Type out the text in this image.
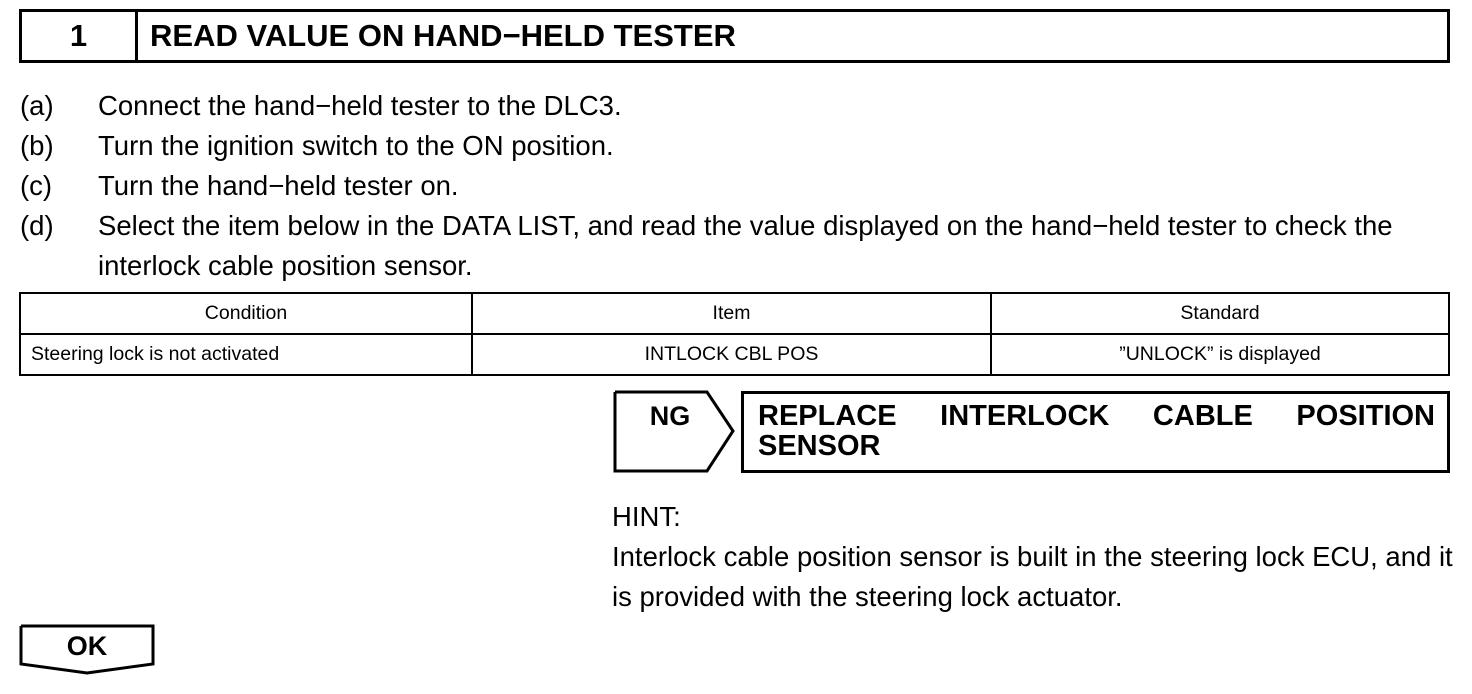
1	READ VALUE ON HAND−HELD TESTER
(a)	Connect the hand−held tester to the DLC3.
(b)	Turn the ignition switch to the ON position.
(c)	Turn the hand−held tester on.
(d)	Select the item below in the DATA LIST, and read the value displayed on the hand−held tester to check the interlock cable position sensor.
Condition	Item	Standard
Steering lock is not activated	INTLOCK CBL POS	”UNLOCK” is displayed
NG	REPLACE INTERLOCK CABLE POSITION SENSOR
HINT:
Interlock cable position sensor is built in the steering lock ECU, and it is provided with the steering lock actuator.
OK
